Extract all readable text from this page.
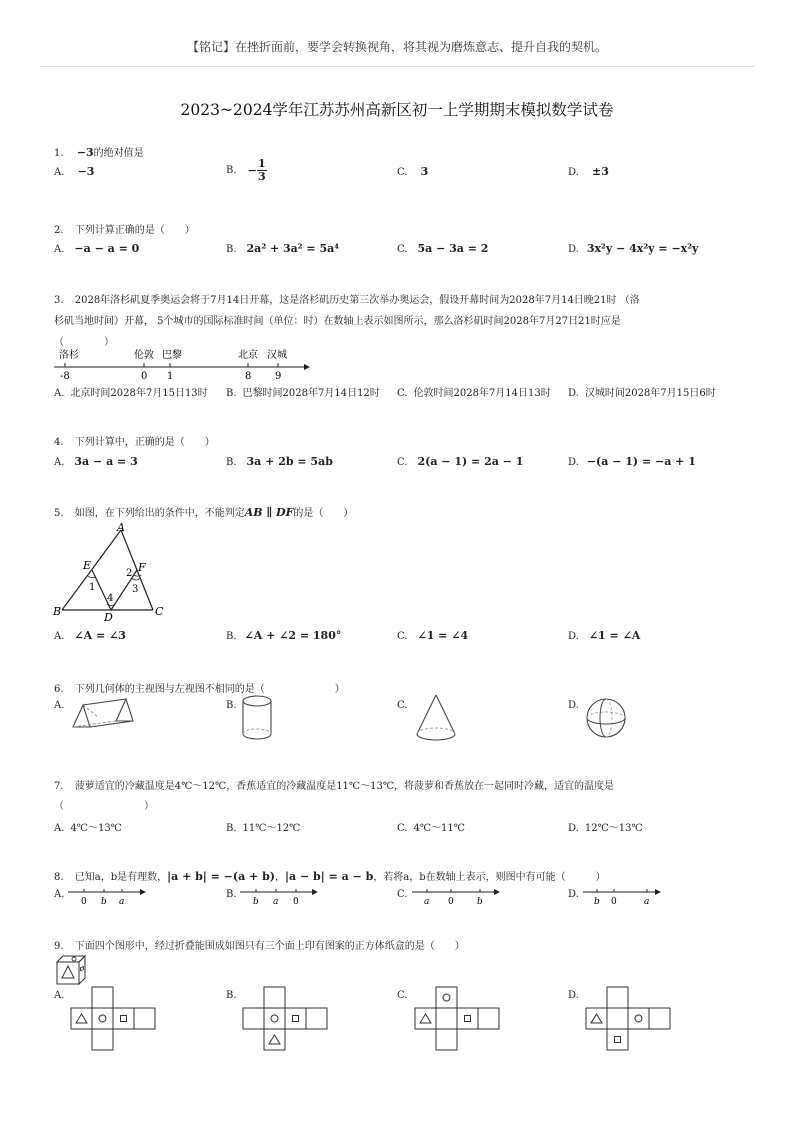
【铭记】在挫折面前，要学会转换视角，将其视为磨炼意志、提升自我的契机。
2023~2024学年江苏苏州高新区初一上学期期末模拟数学试卷
1. −3的绝对值是
A. −3	B. − $\frac{1}{3}$	C. 3	D. ±3
2. 下列计算正确的是（　　）
A. −a − a = 0	B. 2a² + 3a² = 5a⁴	C. 5a − 3a = 2	D. 3x²y − 4x²y = −x²y
3. 2028年洛杉矶夏季奥运会将于7月14日开幕，这是洛杉矶历史第三次举办奥运会，假设开幕时间为2028年7月14日晚21时 （洛
杉矶当地时间）开幕， 5个城市的国际标准时间（单位：时）在数轴上表示如图所示，那么洛杉矶时间2028年7月27日21时应是
（　　　　）
洛杉	伦敦 巴黎	北京 汉城
-8	0 1	8 9
A. 北京时间2028年7月15日13时 B. 巴黎时间2028年7月14日12时 C. 伦敦时间2028年7月14日13时 D. 汉城时间2028年7月15日6时
4. 下列计算中，正确的是（　　）
A. 3a − a = 3	B. 3a + 2b = 5ab	C. 2(a − 1) = 2a − 1	D. −(a − 1) = −a + 1
5. 如图，在下列给出的条件中，不能判定AB ∥ DF的是（　　）
A
E	F
B	D	C
1
2
3
4
A. ∠A = ∠3	B. ∠A + ∠2 = 180°	C. ∠1 = ∠4	D. ∠1 = ∠A
6. 下列几何体的主视图与左视图不相同的是（　　　　　　　）
A.	B.	C.	D.
7. 菠萝适宜的冷藏温度是4℃～12℃，香蕉适宜的冷藏温度是11℃～13℃，将菠萝和香蕉放在一起同时冷藏，适宜的温度是
（　　　　　　　　）
A. 4℃～13℃	B. 11℃～12℃	C. 4℃～11℃	D. 12℃～13℃
8. 已知a，b是有理数，|a + b| = −(a + b)，|a − b| = a − b，若将a，b在数轴上表示，则图中有可能（　　　）
A.
0 b a
B.
b a 0
C.
a 0	b
D.
b 0	a
9. 下面四个图形中，经过折叠能围成如图只有三个面上印有图案的正方体纸盒的是（　　）
A.	B.	C.	D.
